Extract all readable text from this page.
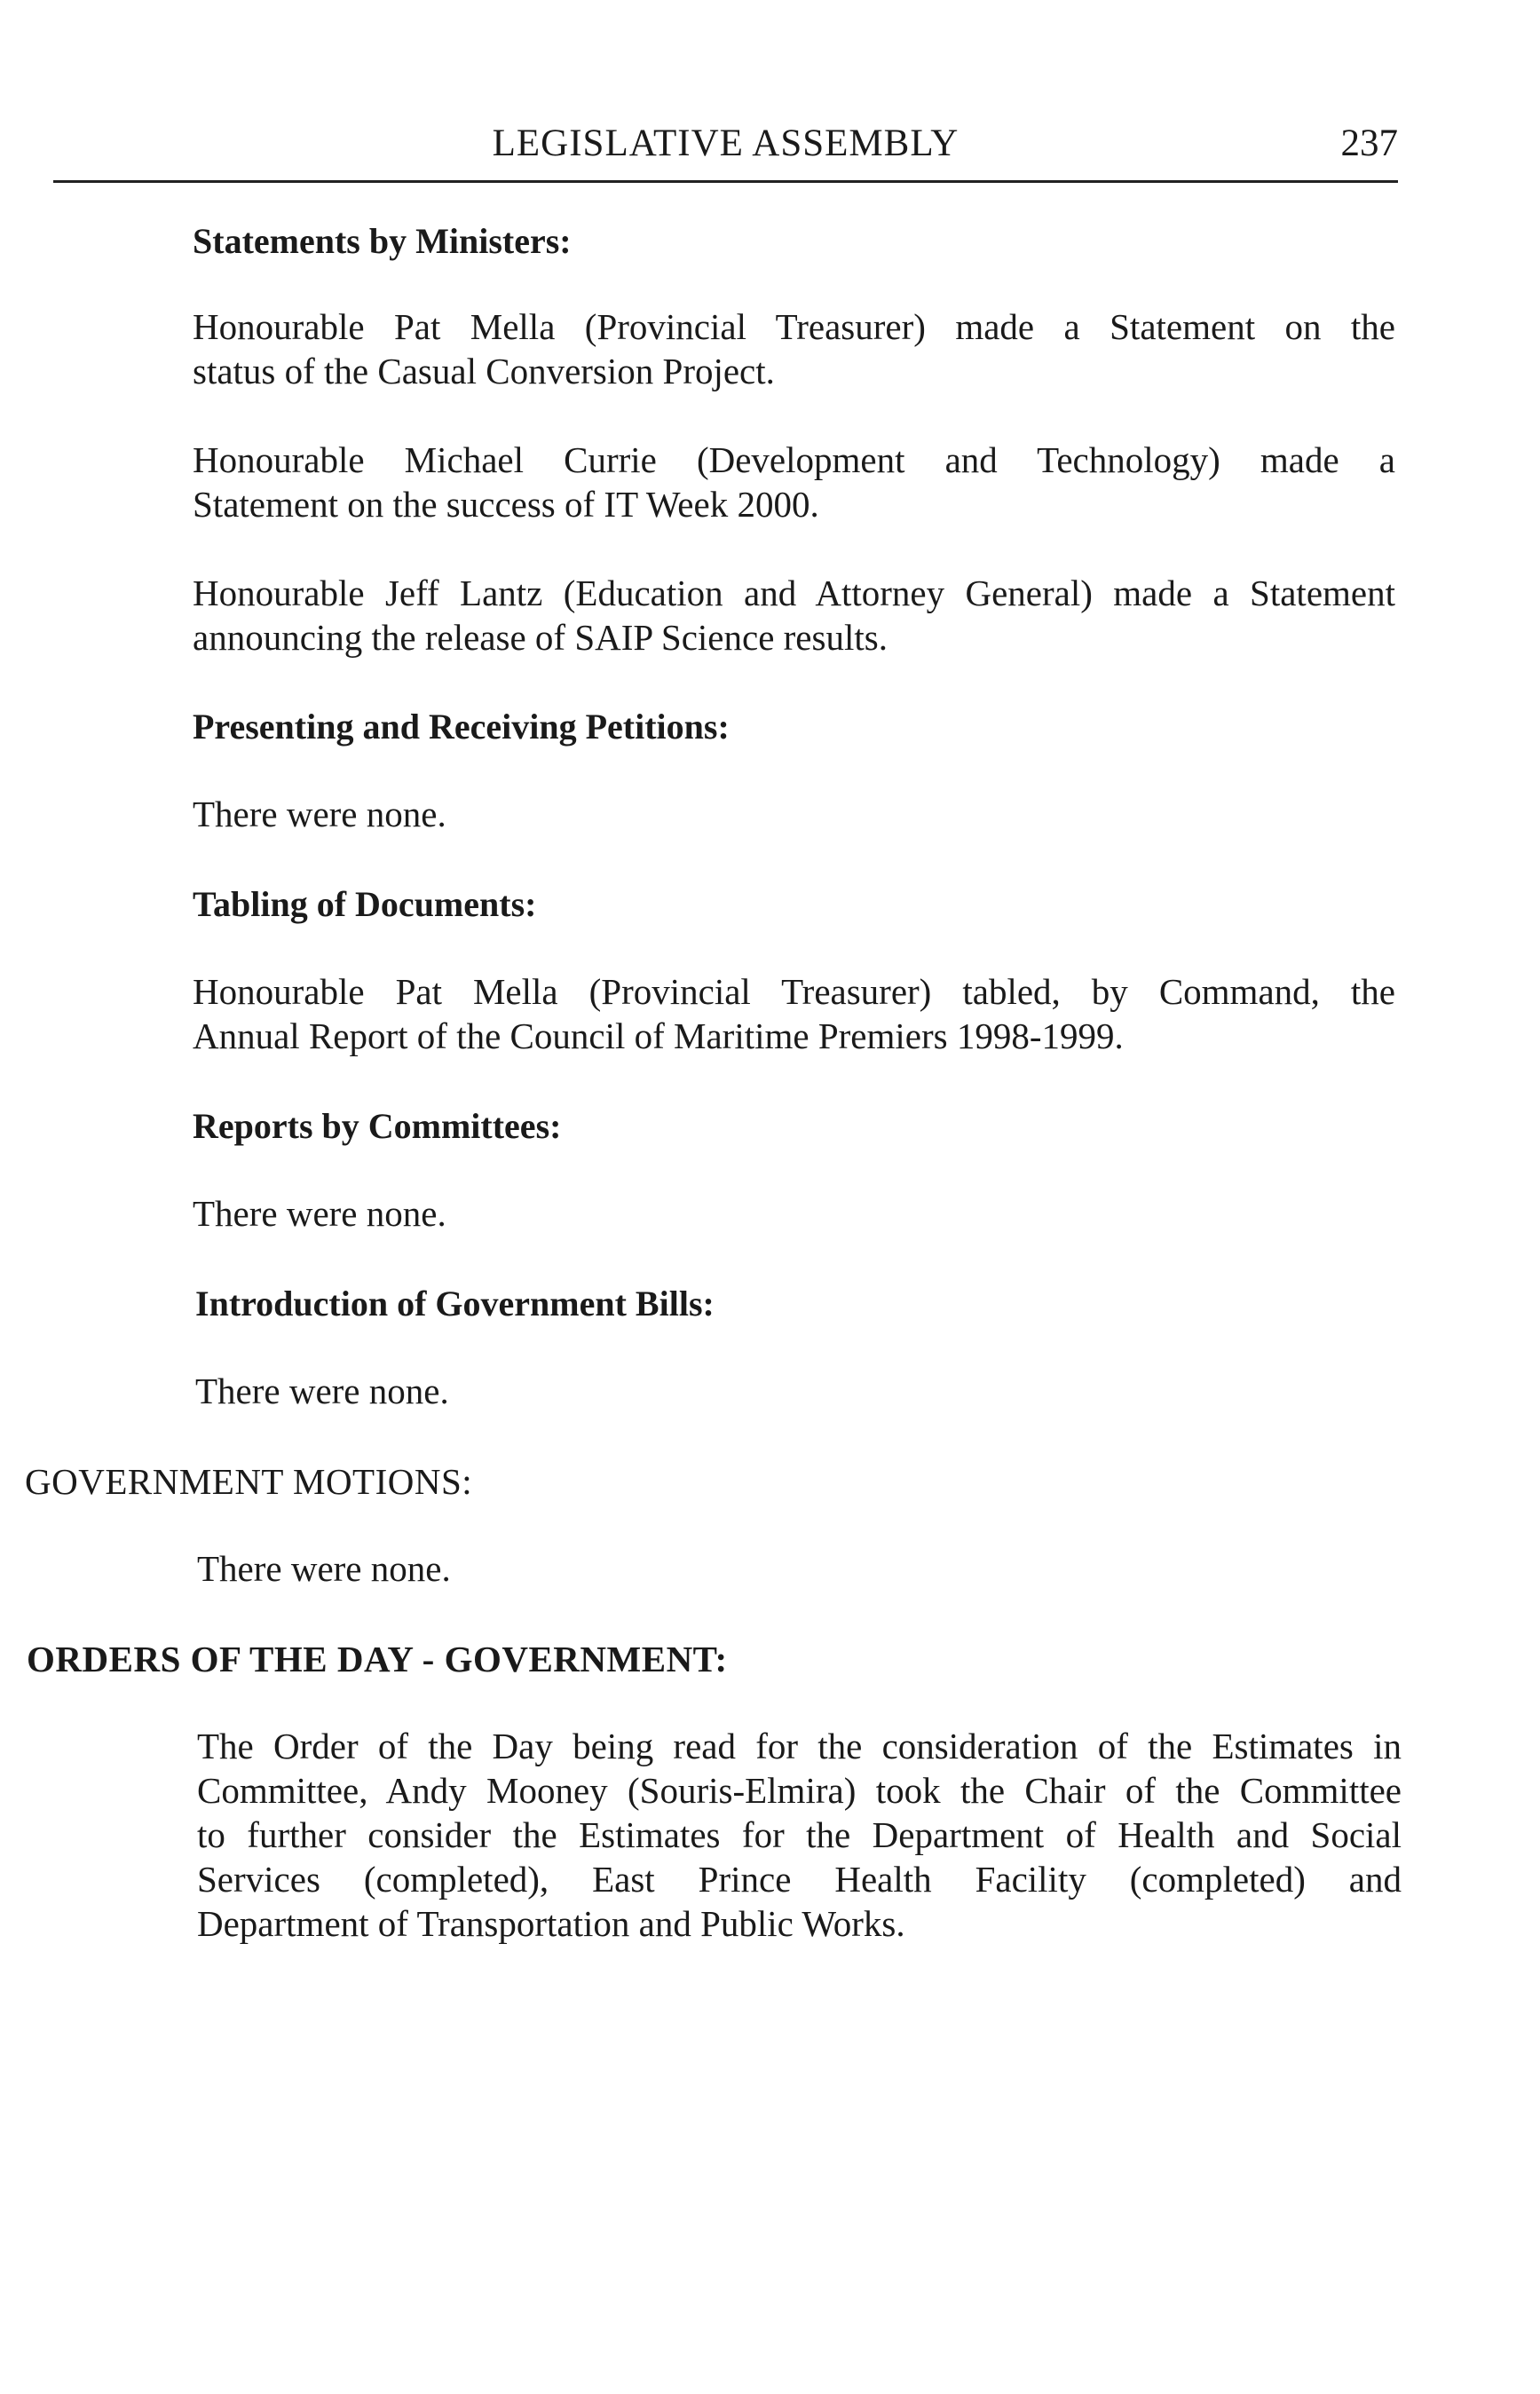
LEGISLATIVE ASSEMBLY	237
Statements by Ministers:
Honourable Pat Mella (Provincial Treasurer) made a Statement on the
status of the Casual Conversion Project.
Honourable Michael Currie (Development and Technology) made a
Statement on the success of IT Week 2000.
Honourable Jeff Lantz (Education and Attorney General) made a Statement
announcing the release of SAIP Science results.
Presenting and Receiving Petitions:
There were none.
Tabling of Documents:
Honourable Pat Mella (Provincial Treasurer) tabled, by Command, the
Annual Report of the Council of Maritime Premiers 1998-1999.
Reports by Committees:
There were none.
Introduction of Government Bills:
There were none.
GOVERNMENT MOTIONS:
There were none.
ORDERS OF THE DAY - GOVERNMENT:
The Order of the Day being read for the consideration of the Estimates in
Committee, Andy Mooney (Souris-Elmira) took the Chair of the Committee
to further consider the Estimates for the Department of Health and Social
Services (completed), East Prince Health Facility (completed) and
Department of Transportation and Public Works.
